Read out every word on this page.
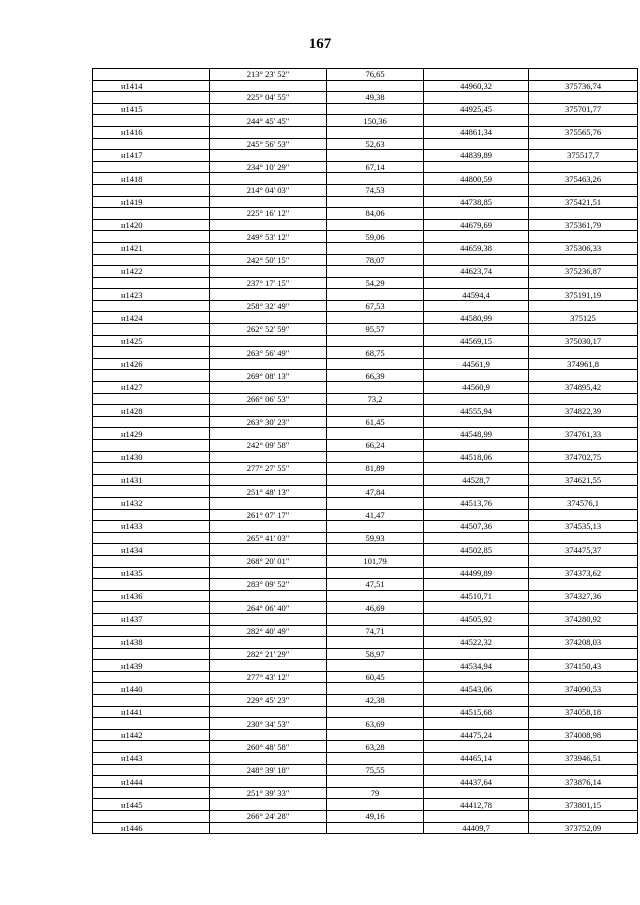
167
	213° 23' 52"	76,65		
н1414			44960,32	375736,74
	225° 04' 55"	49,38		
н1415			44925,45	375701,77
	244° 45' 45"	150,36		
н1416			44861,34	375565,76
	245° 56' 53"	52,63		
н1417			44839,89	375517,7
	234° 10' 29"	67,14		
н1418			44800,59	375463,26
	214° 04' 03"	74,53		
н1419			44738,85	375421,51
	225° 16' 12"	84,06		
н1420			44679,69	375361,79
	249° 53' 12"	59,06		
н1421			44659,38	375306,33
	242° 50' 15"	78,07		
н1422			44623,74	375236,87
	237° 17' 15"	54,29		
н1423			44594,4	375191,19
	258° 32' 49"	67,53		
н1424			44580,99	375125
	262° 52' 59"	95,57		
н1425			44569,15	375030,17
	263° 56' 49"	68,75		
н1426			44561,9	374961,8
	269° 08' 13"	66,39		
н1427			44560,9	374895,42
	266° 06' 53"	73,2		
н1428			44555,94	374822,39
	263° 30' 23"	61,45		
н1429			44548,99	374761,33
	242° 09' 58"	66,24		
н1430			44518,06	374702,75
	277° 27' 55"	81,89		
н1431			44528,7	374621,55
	251° 48' 13"	47,84		
н1432			44513,76	374576,1
	261° 07' 17"	41,47		
н1433			44507,36	374535,13
	265° 41' 03"	59,93		
н1434			44502,85	374475,37
	268° 20' 01"	101,79		
н1435			44499,89	374373,62
	283° 09' 52"	47,51		
н1436			44510,71	374327,36
	264° 06' 40"	46,69		
н1437			44505,92	374280,92
	282° 40' 49"	74,71		
н1438			44522,32	374208,03
	282° 21' 29"	58,97		
н1439			44534,94	374150,43
	277° 43' 12"	60,45		
н1440			44543,06	374090,53
	229° 45' 23"	42,38		
н1441			44515,68	374058,18
	230° 34' 53"	63,69		
н1442			44475,24	374008,98
	260° 48' 58"	63,28		
н1443			44465,14	373946,51
	248° 39' 18"	75,55		
н1444			44437,64	373876,14
	251° 39' 33"	79		
н1445			44412,78	373801,15
	266° 24' 28"	49,16		
н1446			44409,7	373752,09
